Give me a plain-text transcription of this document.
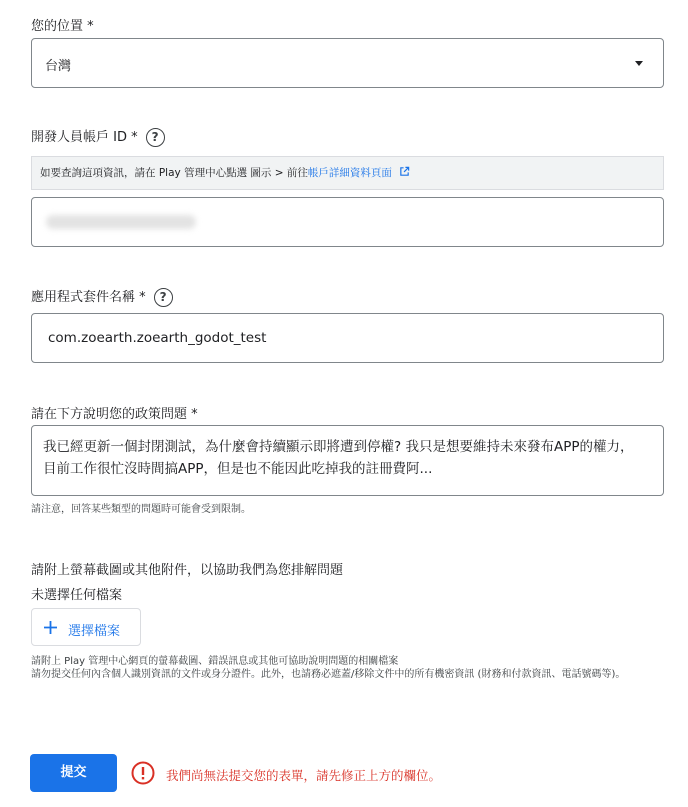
您的位置 *
台灣
開發人員帳戶 ID * ?
如要查詢這項資訊，請在 Play 管理中心點選 圖示 > 前往帳戶詳細資料頁面
應用程式套件名稱 * ?
com.zoearth.zoearth_godot_test
請在下方說明您的政策問題 *
我已經更新一個封閉測試，為什麼會持續顯示即將遭到停權? 我只是想要維持未來發布APP的權力，目前工作很忙沒時間搞APP，但是也不能因此吃掉我的註冊費阿...
請注意，回答某些類型的問題時可能會受到限制。
請附上螢幕截圖或其他附件，以協助我們為您排解問題
未選擇任何檔案
選擇檔案
請附上 Play 管理中心網頁的螢幕截圖、錯誤訊息或其他可協助說明問題的相關檔案
請勿提交任何內含個人識別資訊的文件或身分證件。此外，也請務必遮蓋/移除文件中的所有機密資訊 (財務和付款資訊、電話號碼等)。
提交	我們尚無法提交您的表單，請先修正上方的欄位。
